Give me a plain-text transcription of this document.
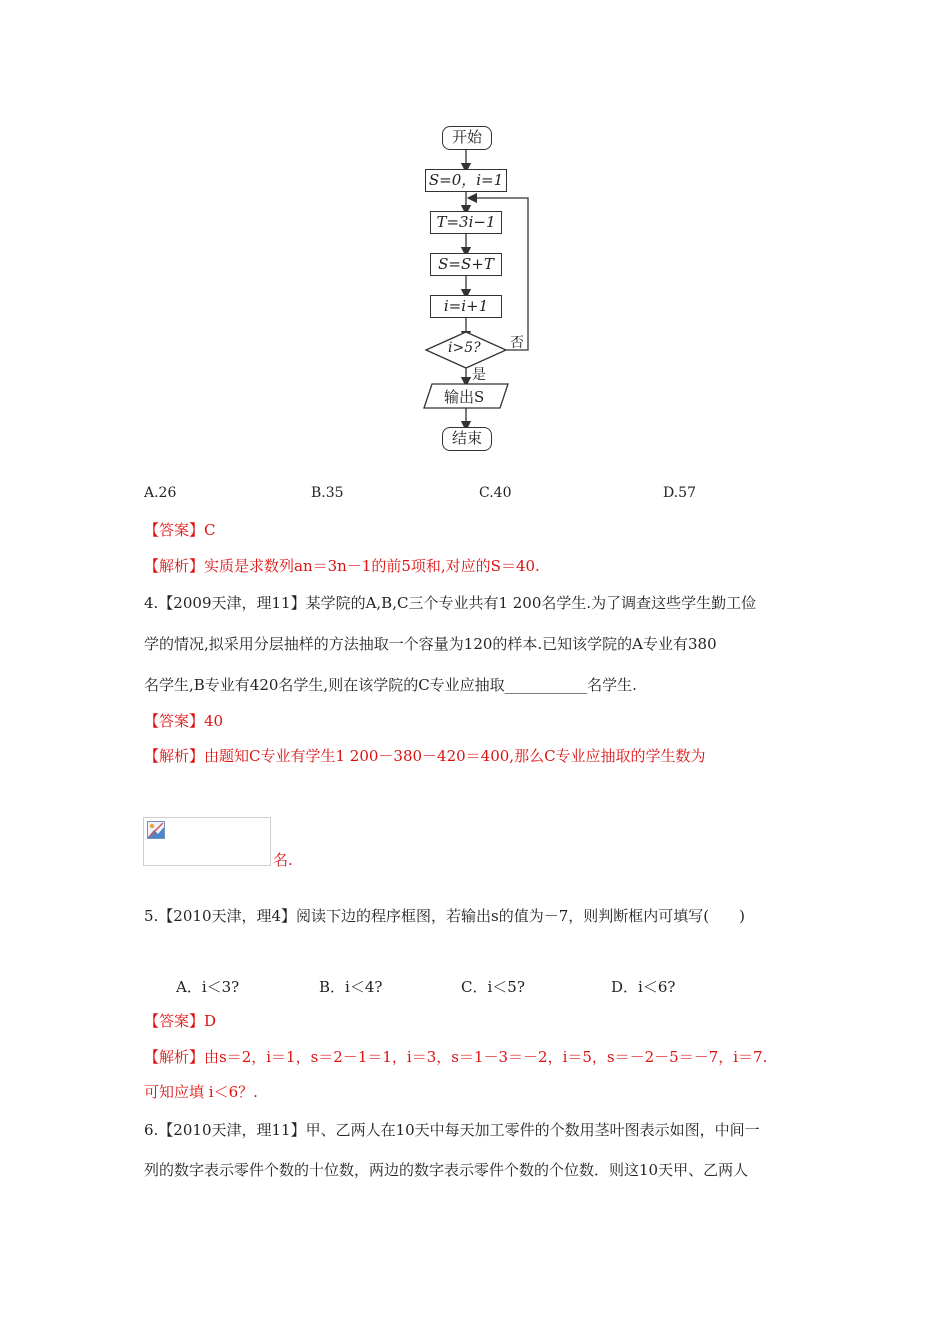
开始
S=0，i=1
T=3i−1
S=S+T
i=i+1
i>5? 否
是
输出S
结束
A.26	B.35	C.40	D.57
【答案】C
【解析】实质是求数列an＝3n－1的前5项和,对应的S＝40.
4.【2009天津，理11】某学院的A,B,C三个专业共有1 200名学生.为了调查这些学生勤工俭
学的情况,拟采用分层抽样的方法抽取一个容量为120的样本.已知该学院的A专业有380
名学生,B专业有420名学生,则在该学院的C专业应抽取___________名学生.
【答案】40
【解析】由题知C专业有学生1 200－380－420＝400,那么C专业应抽取的学生数为
名.
5.【2010天津，理4】阅读下边的程序框图，若输出s的值为－7，则判断框内可填写(　　)
A．i＜3?	B．i＜4?	C．i＜5?	D．i＜6?
【答案】D
【解析】由s＝2，i＝1，s＝2－1＝1，i＝3，s＝1－3＝－2，i＝5，s＝－2－5＝－7，i＝7.
可知应填 i＜6？.
6.【2010天津，理11】甲、乙两人在10天中每天加工零件的个数用茎叶图表示如图，中间一
列的数字表示零件个数的十位数，两边的数字表示零件个数的个位数．则这10天甲、乙两人
